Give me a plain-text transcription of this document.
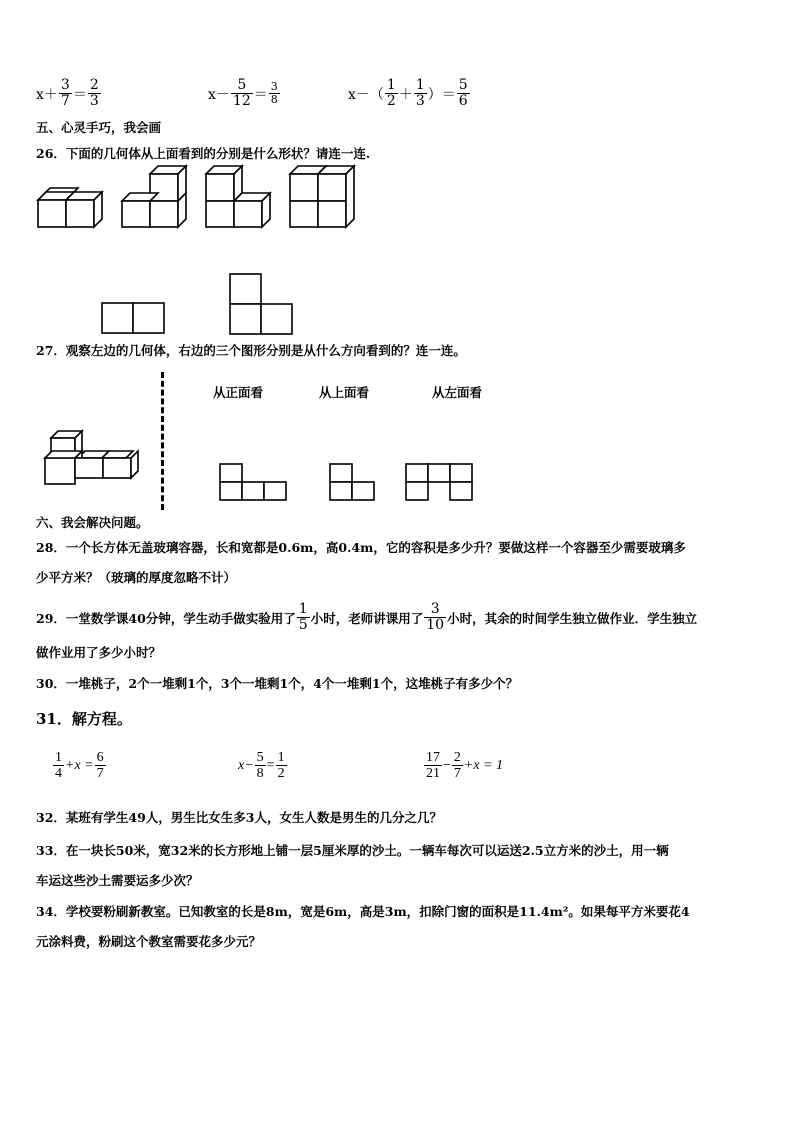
$x+ \frac{3}{7} = \frac{2}{3}$	$x- \frac{5}{12} = \frac{3}{8}$	$x-( \frac{1}{2} + \frac{1}{3}$ ）＝ $\frac{5}{6}$
五、心灵手巧，我会画
26．下面的几何体从上面看到的分别是什么形状？请连一连.
27．观察左边的几何体，右边的三个图形分别是从什么方向看到的？连一连。
从正面看	从上面看	从左面看
六、我会解决问题。
28．一个长方体无盖玻璃容器，长和宽都是0.6m，高0.4m，它的容积是多少升？要做这样一个容器至少需要玻璃多
少平方米？（玻璃的厚度忽略不计）
29．一堂数学课40分钟，学生动手做实验用了 $\frac{1}{5}$ 小时，老师讲课用了 $\frac{3}{10}$ 小时，其余的时间学生独立做作业．学生独立
做作业用了多少小时？
30．一堆桃子，2个一堆剩1个，3个一堆剩1个，4个一堆剩1个，这堆桃子有多少个？
31．解方程。
$\frac{1}{4} +x = \frac{6}{7}$	$x- \frac{5}{8} = \frac{1}{2}$	$\frac{17}{21} - \frac{2}{7} +x = 1$
32．某班有学生49人，男生比女生多3人，女生人数是男生的几分之几？
33．在一块长50米，宽32米的长方形地上铺一层5厘米厚的沙土。一辆车每次可以运送2.5立方米的沙土，用一辆
车运这些沙土需要运多少次？
34．学校要粉刷新教室。已知教室的长是8m，宽是6m，高是3m，扣除门窗的面积是11.4m²。如果每平方米要花4
元涂料费，粉刷这个教室需要花多少元？
